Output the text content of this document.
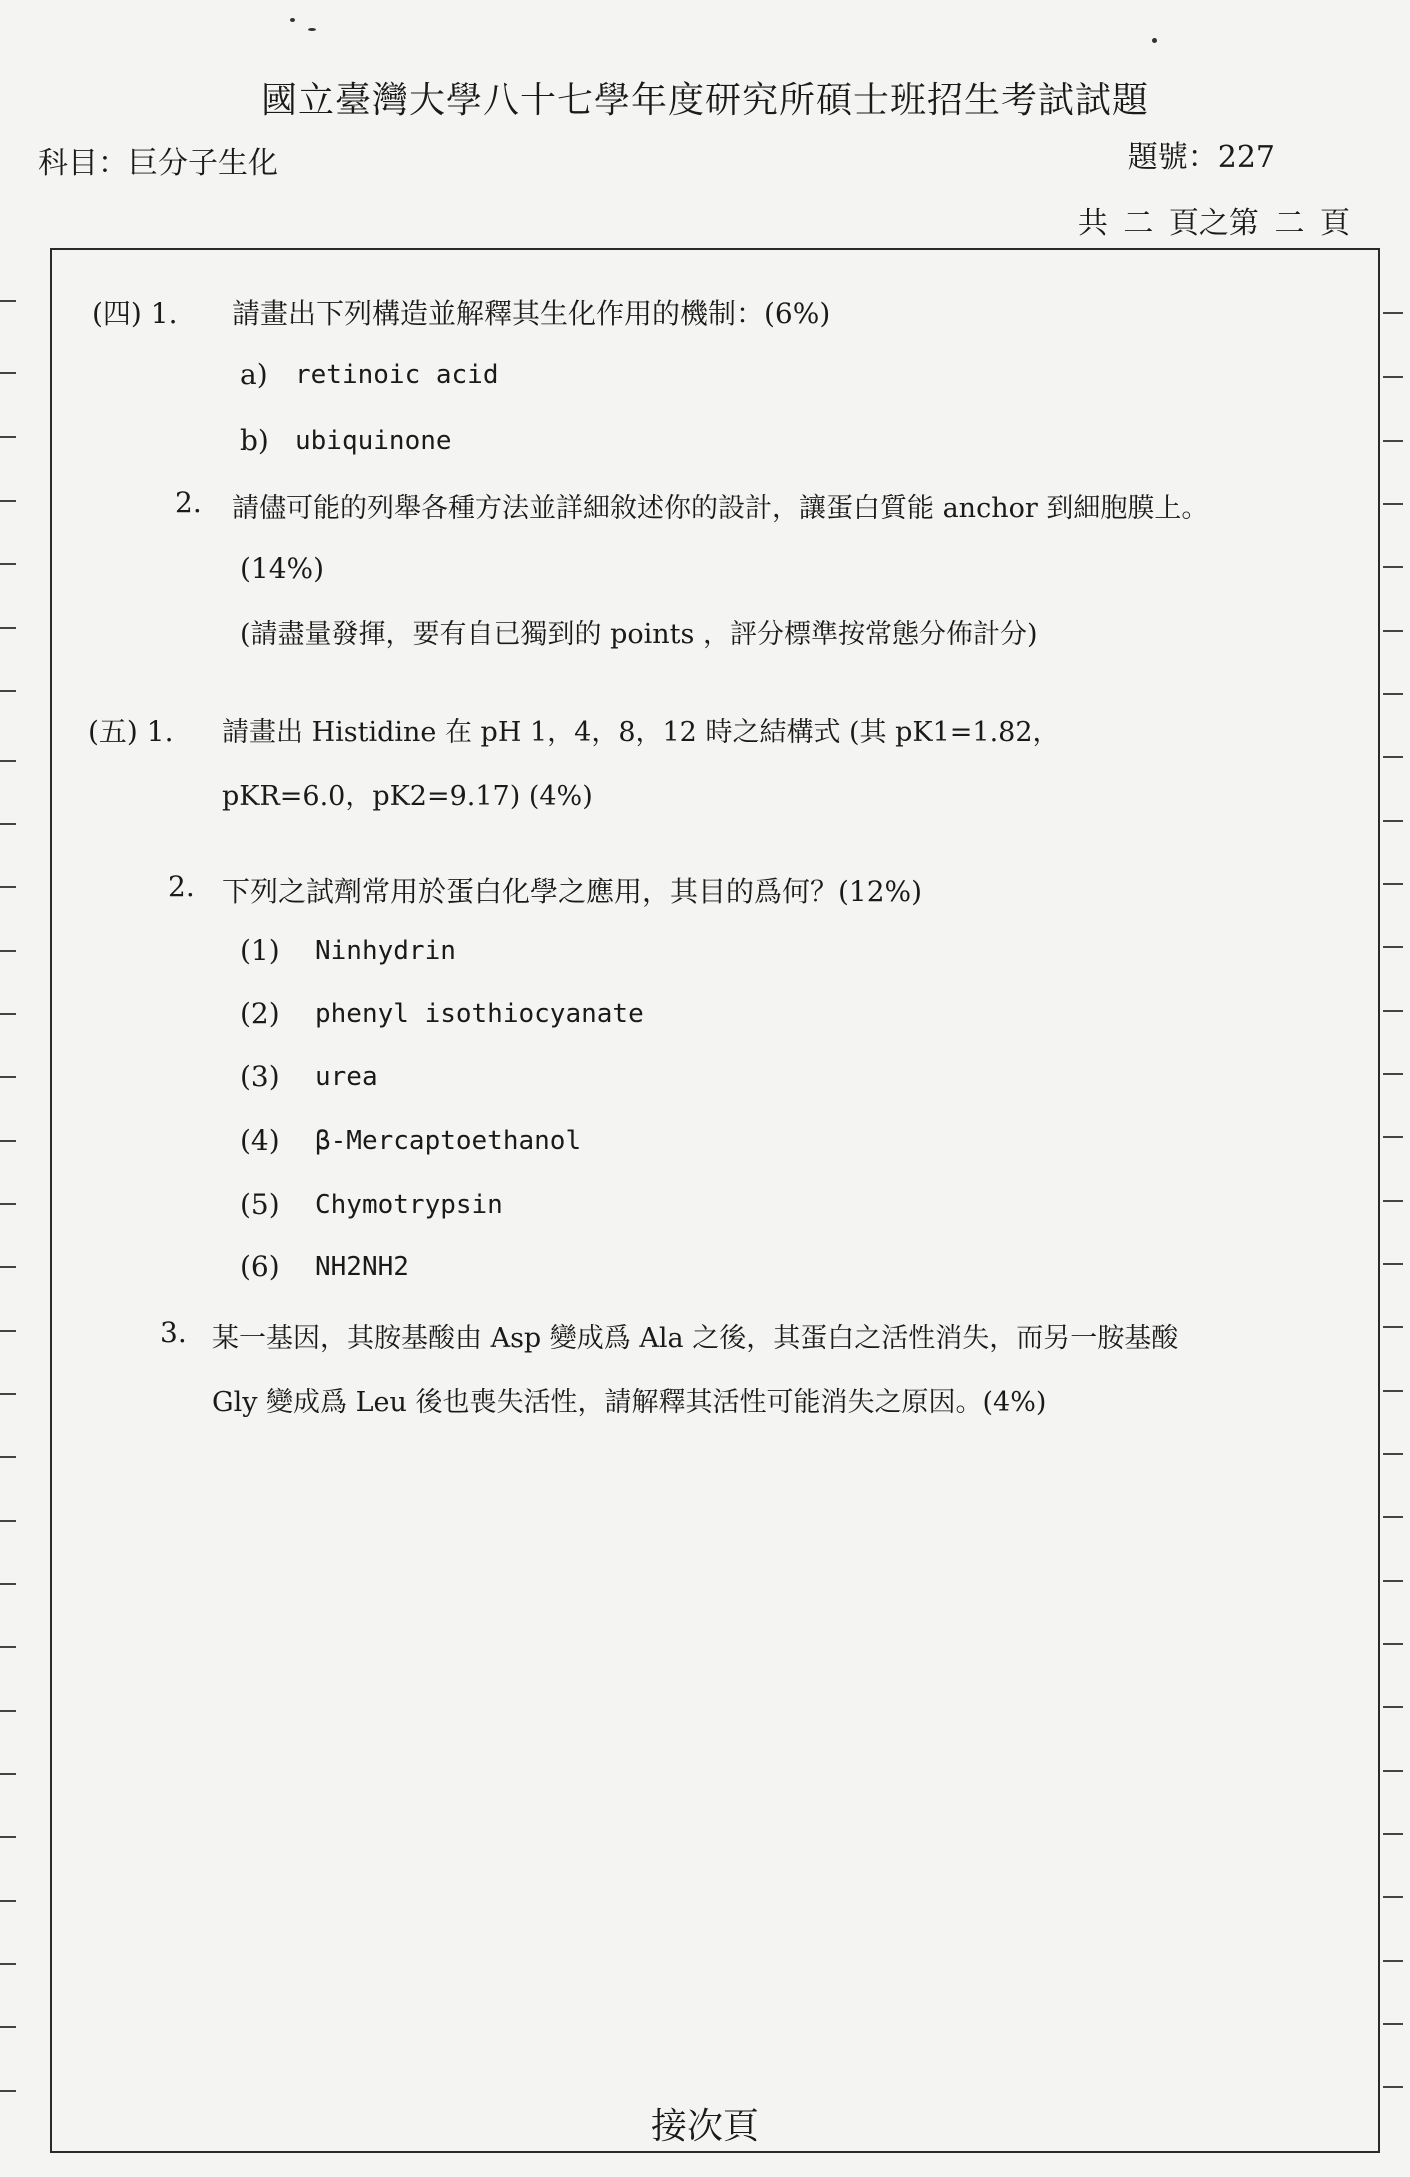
國立臺灣大學八十七學年度研究所碩士班招生考試試題
科目：巨分子生化	題號：227
共 二 頁之第 二 頁
(四) 1. 請畫出下列構造並解釋其生化作用的機制：(6%)
a) retinoic acid
b) ubiquinone
2. 請儘可能的列舉各種方法並詳細敘述你的設計，讓蛋白質能 anchor 到細胞膜上。
(14%)
(請盡量發揮，要有自已獨到的 points ，評分標準按常態分佈計分)
(五) 1. 請畫出 Histidine 在 pH 1，4，8，12 時之結構式 (其 pK1=1.82，
pKR=6.0，pK2=9.17) (4%)
2. 下列之試劑常用於蛋白化學之應用，其目的爲何？(12%)
(1) Ninhydrin
(2) phenyl isothiocyanate
(3) urea
(4) β-Mercaptoethanol
(5) Chymotrypsin
(6) NH2NH2
3. 某一基因，其胺基酸由 Asp 變成爲 Ala 之後，其蛋白之活性消失，而另一胺基酸
Gly 變成爲 Leu 後也喪失活性，請解釋其活性可能消失之原因。(4%)
接次頁
